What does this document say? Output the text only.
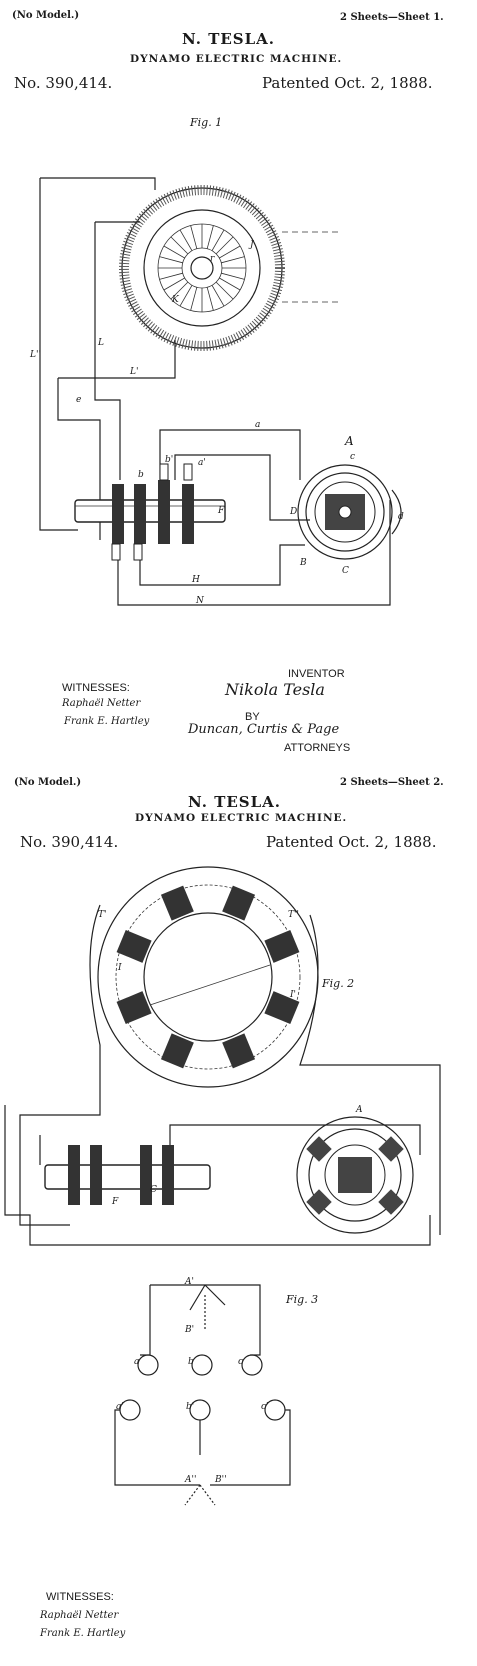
(No Model.)	2 Sheets—Sheet 1.
N. TESLA.
DYNAMO ELECTRIC MACHINE.
No. 390,414.	Patented Oct. 2, 1888.
Fig. 1
r
J
K
L''
L
L'
e
a
A
c
a'
b
b'
d
F	D
B
C
H
N
INVENTOR
WITNESSES:	Nikola Tesla
Raphaël Netter
Frank E. Hartley	BY
Duncan, Curtis & Page
ATTORNEYS
(No Model.)	2 Sheets—Sheet 2.
N. TESLA.
DYNAMO ELECTRIC MACHINE.
No. 390,414.	Patented Oct. 2, 1888.
Fig. 2
Fig. 3
T'	T''
I
I'
A
C
F
A'
B'
A'' B''
a	b	c
a'	b'	c'
WITNESSES:
Raphaël Netter
Frank E. Hartley
